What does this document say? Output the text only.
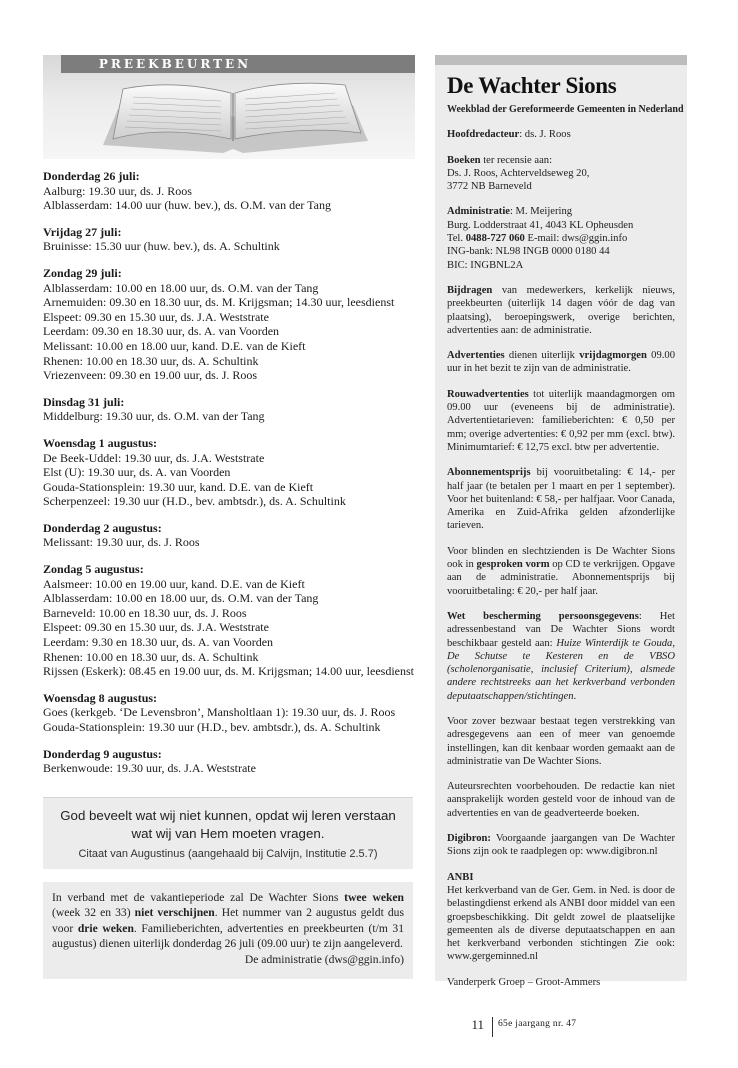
PREEKBEURTEN
Donderdag 26 juli:
Aalburg: 19.30 uur, ds. J. Roos
Alblasserdam: 14.00 uur (huw. bev.), ds. O.M. van der Tang
Vrijdag 27 juli:
Bruinisse: 15.30 uur (huw. bev.), ds. A. Schultink
Zondag 29 juli:
Alblasserdam: 10.00 en 18.00 uur, ds. O.M. van der Tang
Arnemuiden: 09.30 en 18.30 uur, ds. M. Krijgsman; 14.30 uur, leesdienst
Elspeet: 09.30 en 15.30 uur, ds. J.A. Weststrate
Leerdam: 09.30 en 18.30 uur, ds. A. van Voorden
Melissant: 10.00 en 18.00 uur, kand. D.E. van de Kieft
Rhenen: 10.00 en 18.30 uur, ds. A. Schultink
Vriezenveen: 09.30 en 19.00 uur, ds. J. Roos
Dinsdag 31 juli:
Middelburg: 19.30 uur, ds. O.M. van der Tang
Woensdag 1 augustus:
De Beek-Uddel: 19.30 uur, ds. J.A. Weststrate
Elst (U): 19.30 uur, ds. A. van Voorden
Gouda-Stationsplein: 19.30 uur, kand. D.E. van de Kieft
Scherpenzeel: 19.30 uur (H.D., bev. ambtsdr.), ds. A. Schultink
Donderdag 2 augustus:
Melissant: 19.30 uur, ds. J. Roos
Zondag 5 augustus:
Aalsmeer: 10.00 en 19.00 uur, kand. D.E. van de Kieft
Alblasserdam: 10.00 en 18.00 uur, ds. O.M. van der Tang
Barneveld: 10.00 en 18.30 uur, ds. J. Roos
Elspeet: 09.30 en 15.30 uur, ds. J.A. Weststrate
Leerdam: 9.30 en 18.30 uur, ds. A. van Voorden
Rhenen: 10.00 en 18.30 uur, ds. A. Schultink
Rijssen (Eskerk): 08.45 en 19.00 uur, ds. M. Krijgsman; 14.00 uur, leesdienst
Woensdag 8 augustus:
Goes (kerkgeb. ‘De Levensbron’, Mansholtlaan 1): 19.30 uur, ds. J. Roos
Gouda-Stationsplein: 19.30 uur (H.D., bev. ambtsdr.), ds. A. Schultink
Donderdag 9 augustus:
Berkenwoude: 19.30 uur, ds. J.A. Weststrate
God beveelt wat wij niet kunnen, opdat wij leren verstaan
wat wij van Hem moeten vragen.
Citaat van Augustinus (aangehaald bij Calvijn, Institutie 2.5.7)
In verband met de vakantieperiode zal De Wachter Sions twee weken (week 32 en 33) niet verschijnen. Het nummer van 2 augustus geldt dus voor drie weken. Familieberichten, advertenties en preekbeurten (t/m 31 augustus) dienen uiterlijk donderdag 26 juli (09.00 uur) te zijn aangeleverd.
De administratie (dws@ggin.info)
De Wachter Sions
Weekblad der Gereformeerde Gemeenten in Nederland
Hoofdredacteur: ds. J. Roos
Boeken ter recensie aan:
Ds. J. Roos, Achterveldseweg 20,
3772 NB Barneveld
Administratie: M. Meijering
Burg. Lodderstraat 41, 4043 KL Opheusden
Tel. 0488-727 060 E-mail: dws@ggin.info
ING-bank: NL98 INGB 0000 0180 44
BIC: INGBNL2A
Bijdragen van medewerkers, kerkelijk nieuws, preekbeurten (uiterlijk 14 dagen vóór de dag van plaatsing), beroepingswerk, overige berichten, advertenties aan: de administratie.
Advertenties dienen uiterlijk vrijdagmorgen 09.00 uur in het bezit te zijn van de administratie.
Rouwadvertenties tot uiterlijk maandagmorgen om 09.00 uur (eveneens bij de administratie). Advertentietarieven: familieberichten: € 0,50 per mm; overige advertenties: € 0,92 per mm (excl. btw). Minimumtarief: € 12,75 excl. btw per advertentie.
Abonnementsprijs bij vooruitbetaling: € 14,- per half jaar (te betalen per 1 maart en per 1 september). Voor het buitenland: € 58,- per halfjaar. Voor Canada, Amerika en Zuid-Afrika gelden afzonderlijke tarieven.
Voor blinden en slechtzienden is De Wachter Sions ook in gesproken vorm op CD te verkrijgen. Opgave aan de administratie. Abonnementsprijs bij vooruitbetaling: € 20,- per half jaar.
Wet bescherming persoonsgegevens: Het adressenbestand van De Wachter Sions wordt beschikbaar gesteld aan: Huize Winterdijk te Gouda, De Schutse te Kesteren en de VBSO (scholenorganisatie, inclusief Criterium), alsmede andere rechtstreeks aan het kerkverband verbonden deputaatschappen/stichtingen.
Voor zover bezwaar bestaat tegen verstrekking van adresgegevens aan een of meer van genoemde instellingen, kan dit kenbaar worden gemaakt aan de administratie van De Wachter Sions.
Auteursrechten voorbehouden. De redactie kan niet aansprakelijk worden gesteld voor de inhoud van de advertenties en van de geadverteerde boeken.
Digibron: Voorgaande jaargangen van De Wachter Sions zijn ook te raadplegen op: www.digibron.nl
ANBI
Het kerkverband van de Ger. Gem. in Ned. is door de belastingdienst erkend als ANBI door middel van een groepsbeschikking. Dit geldt zowel de plaatselijke gemeenten als de diverse deputaatschappen en aan het kerkverband verbonden stichtingen Zie ook: www.gergeminned.nl
Vanderperk Groep – Groot-Ammers
11 65e jaargang nr. 47
